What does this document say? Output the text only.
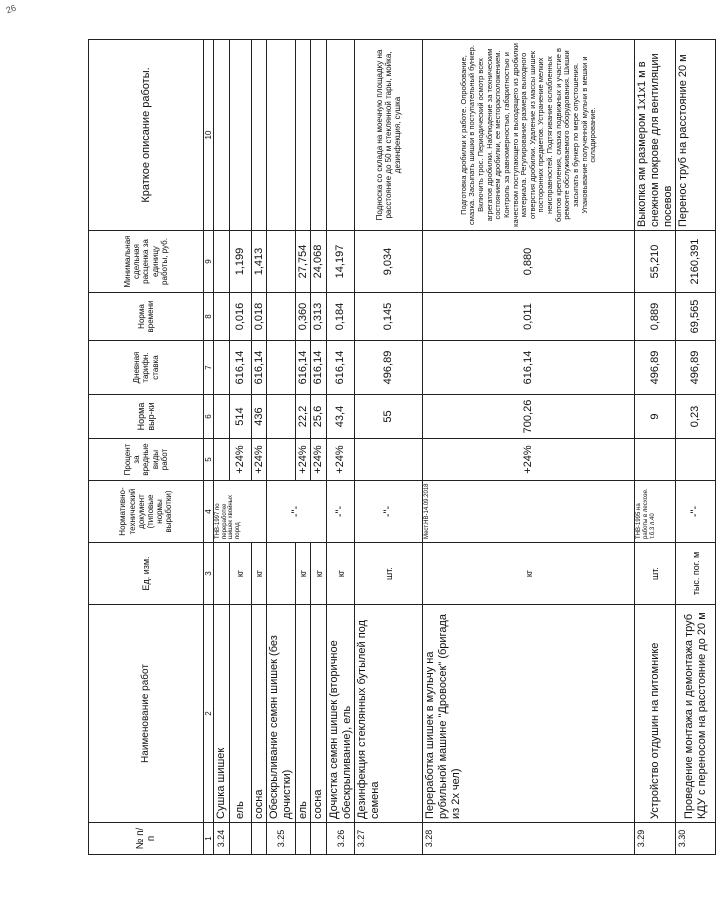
26
№ п/п	Наименование работ	Ед. изм.	Нормативно-технический документ (типовые нормы выработки)	Процент за вредные виды работ	Норма выр-ки	Дневная тарифн. ставка	Норма времени	Минимальная сдельная расценка за единицу работы, руб.	Краткое описание работы.
1	2	3	4	5	6	7	8	9	10
3.24	Сушка шишек		ТНВ-1997 по переработке шишек хвойных пород						
	ель	кг		+24%	514	616,14	0,016	1,199	
	сосна	кг		+24%	436	616,14	0,018	1,413	
3.25	Обескрыливание семян шишек (без дочистки)		-"-						
	ель	кг		+24%	22,2	616,14	0,360	27,754	
	сосна	кг		+24%	25,6	616,14	0,313	24,068	
3.26	Дочистка семян шишек (вторичное обескрыливание), ель	кг	-"-	+24%	43,4	616,14	0,184	14,197	
3.27	Дезинфекция стеклянных бутылей под семена	шт.	-"-		55	496,89	0,145	9,034	Подноска со склада на моечную площадку на расстояние до 50 м стеклянной тары, мойка, дезинфекция, сушка
3.28	Переработка шишек в мульчу на рубильной машине "Дровосек" (бригада из 2х чел)	кг	Мест.НВ-14.09.2018	+24%	700,26	616,14	0,011	0,880	Подготовка дробилки к работе. Опробование, смазка. Засыпать шишки в поступательный бункер. Включить трос. Периодический осмотр всех агрегатов дробилки. Наблюдение за техническим состоянием дробилки, ее месторасположением. Контроль за равномерностью, габаритностью и качеством поступающего и выходящего из дробилки материала. Регулирование размера выходного отверстия дробилки. Удаление из массы шишек посторонних предметов. Устранение мелких неисправностей. Подтягивание ослабленных болтов крепления, смазка подвижных и участие в ремонте обслуживаемого оборудования. Шишки засыпать в бункер по мере опустошения. Упаковывание полученной мульчи в мешки и складирование.
3.29	Устройство отдушин на питомнике	шт.	ТНВ-1995 на работы в лесхозе. т.б.3 л.40		9	496,89	0,889	55,210	Выкопка ям размером 1х1х1 м в снежном покрове для вентиляции посевов
3.30	Проведение монтажа и демонтажа труб КДУ с переносом на расстояние до 20 м	тыс. пог. м	-"-		0,23	496,89	69,565	2160,391	Перенос труб на расстояние 20 м
